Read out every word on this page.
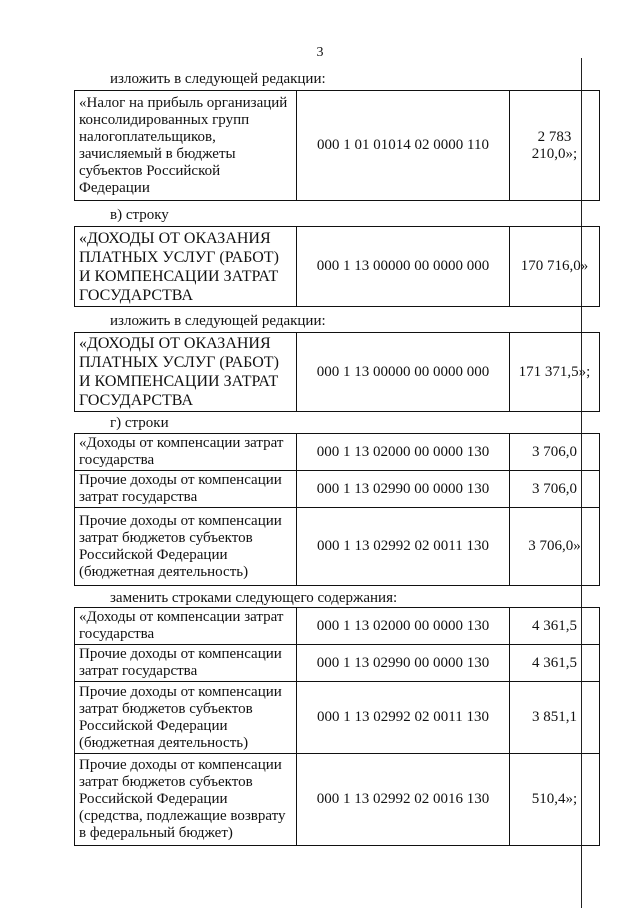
3
изложить в следующей редакции:
«Налог на прибыль организаций консолидированных групп налогоплательщиков, зачисляемый в бюджеты субъектов Российской Федерации	000 1 01 01014 02 0000 110	2 783 210,0»;
в) строку
«ДОХОДЫ ОТ ОКАЗАНИЯ ПЛАТНЫХ УСЛУГ (РАБОТ) И КОМПЕНСАЦИИ ЗАТРАТ ГОСУДАРСТВА	000 1 13 00000 00 0000 000	170 716,0»
изложить в следующей редакции:
«ДОХОДЫ ОТ ОКАЗАНИЯ ПЛАТНЫХ УСЛУГ (РАБОТ) И КОМПЕНСАЦИИ ЗАТРАТ ГОСУДАРСТВА	000 1 13 00000 00 0000 000	171 371,5»;
г) строки
«Доходы от компенсации затрат государства	000 1 13 02000 00 0000 130	3 706,0
Прочие доходы от компенсации затрат государства	000 1 13 02990 00 0000 130	3 706,0
Прочие доходы от компенсации затрат бюджетов субъектов Российской Федерации (бюджетная деятельность)	000 1 13 02992 02 0011 130	3 706,0»
заменить строками следующего содержания:
«Доходы от компенсации затрат государства	000 1 13 02000 00 0000 130	4 361,5
Прочие доходы от компенсации затрат государства	000 1 13 02990 00 0000 130	4 361,5
Прочие доходы от компенсации затрат бюджетов субъектов Российской Федерации (бюджетная деятельность)	000 1 13 02992 02 0011 130	3 851,1
Прочие доходы от компенсации затрат бюджетов субъектов Российской Федерации (средства, подлежащие возврату в федеральный бюджет)	000 1 13 02992 02 0016 130	510,4»;
